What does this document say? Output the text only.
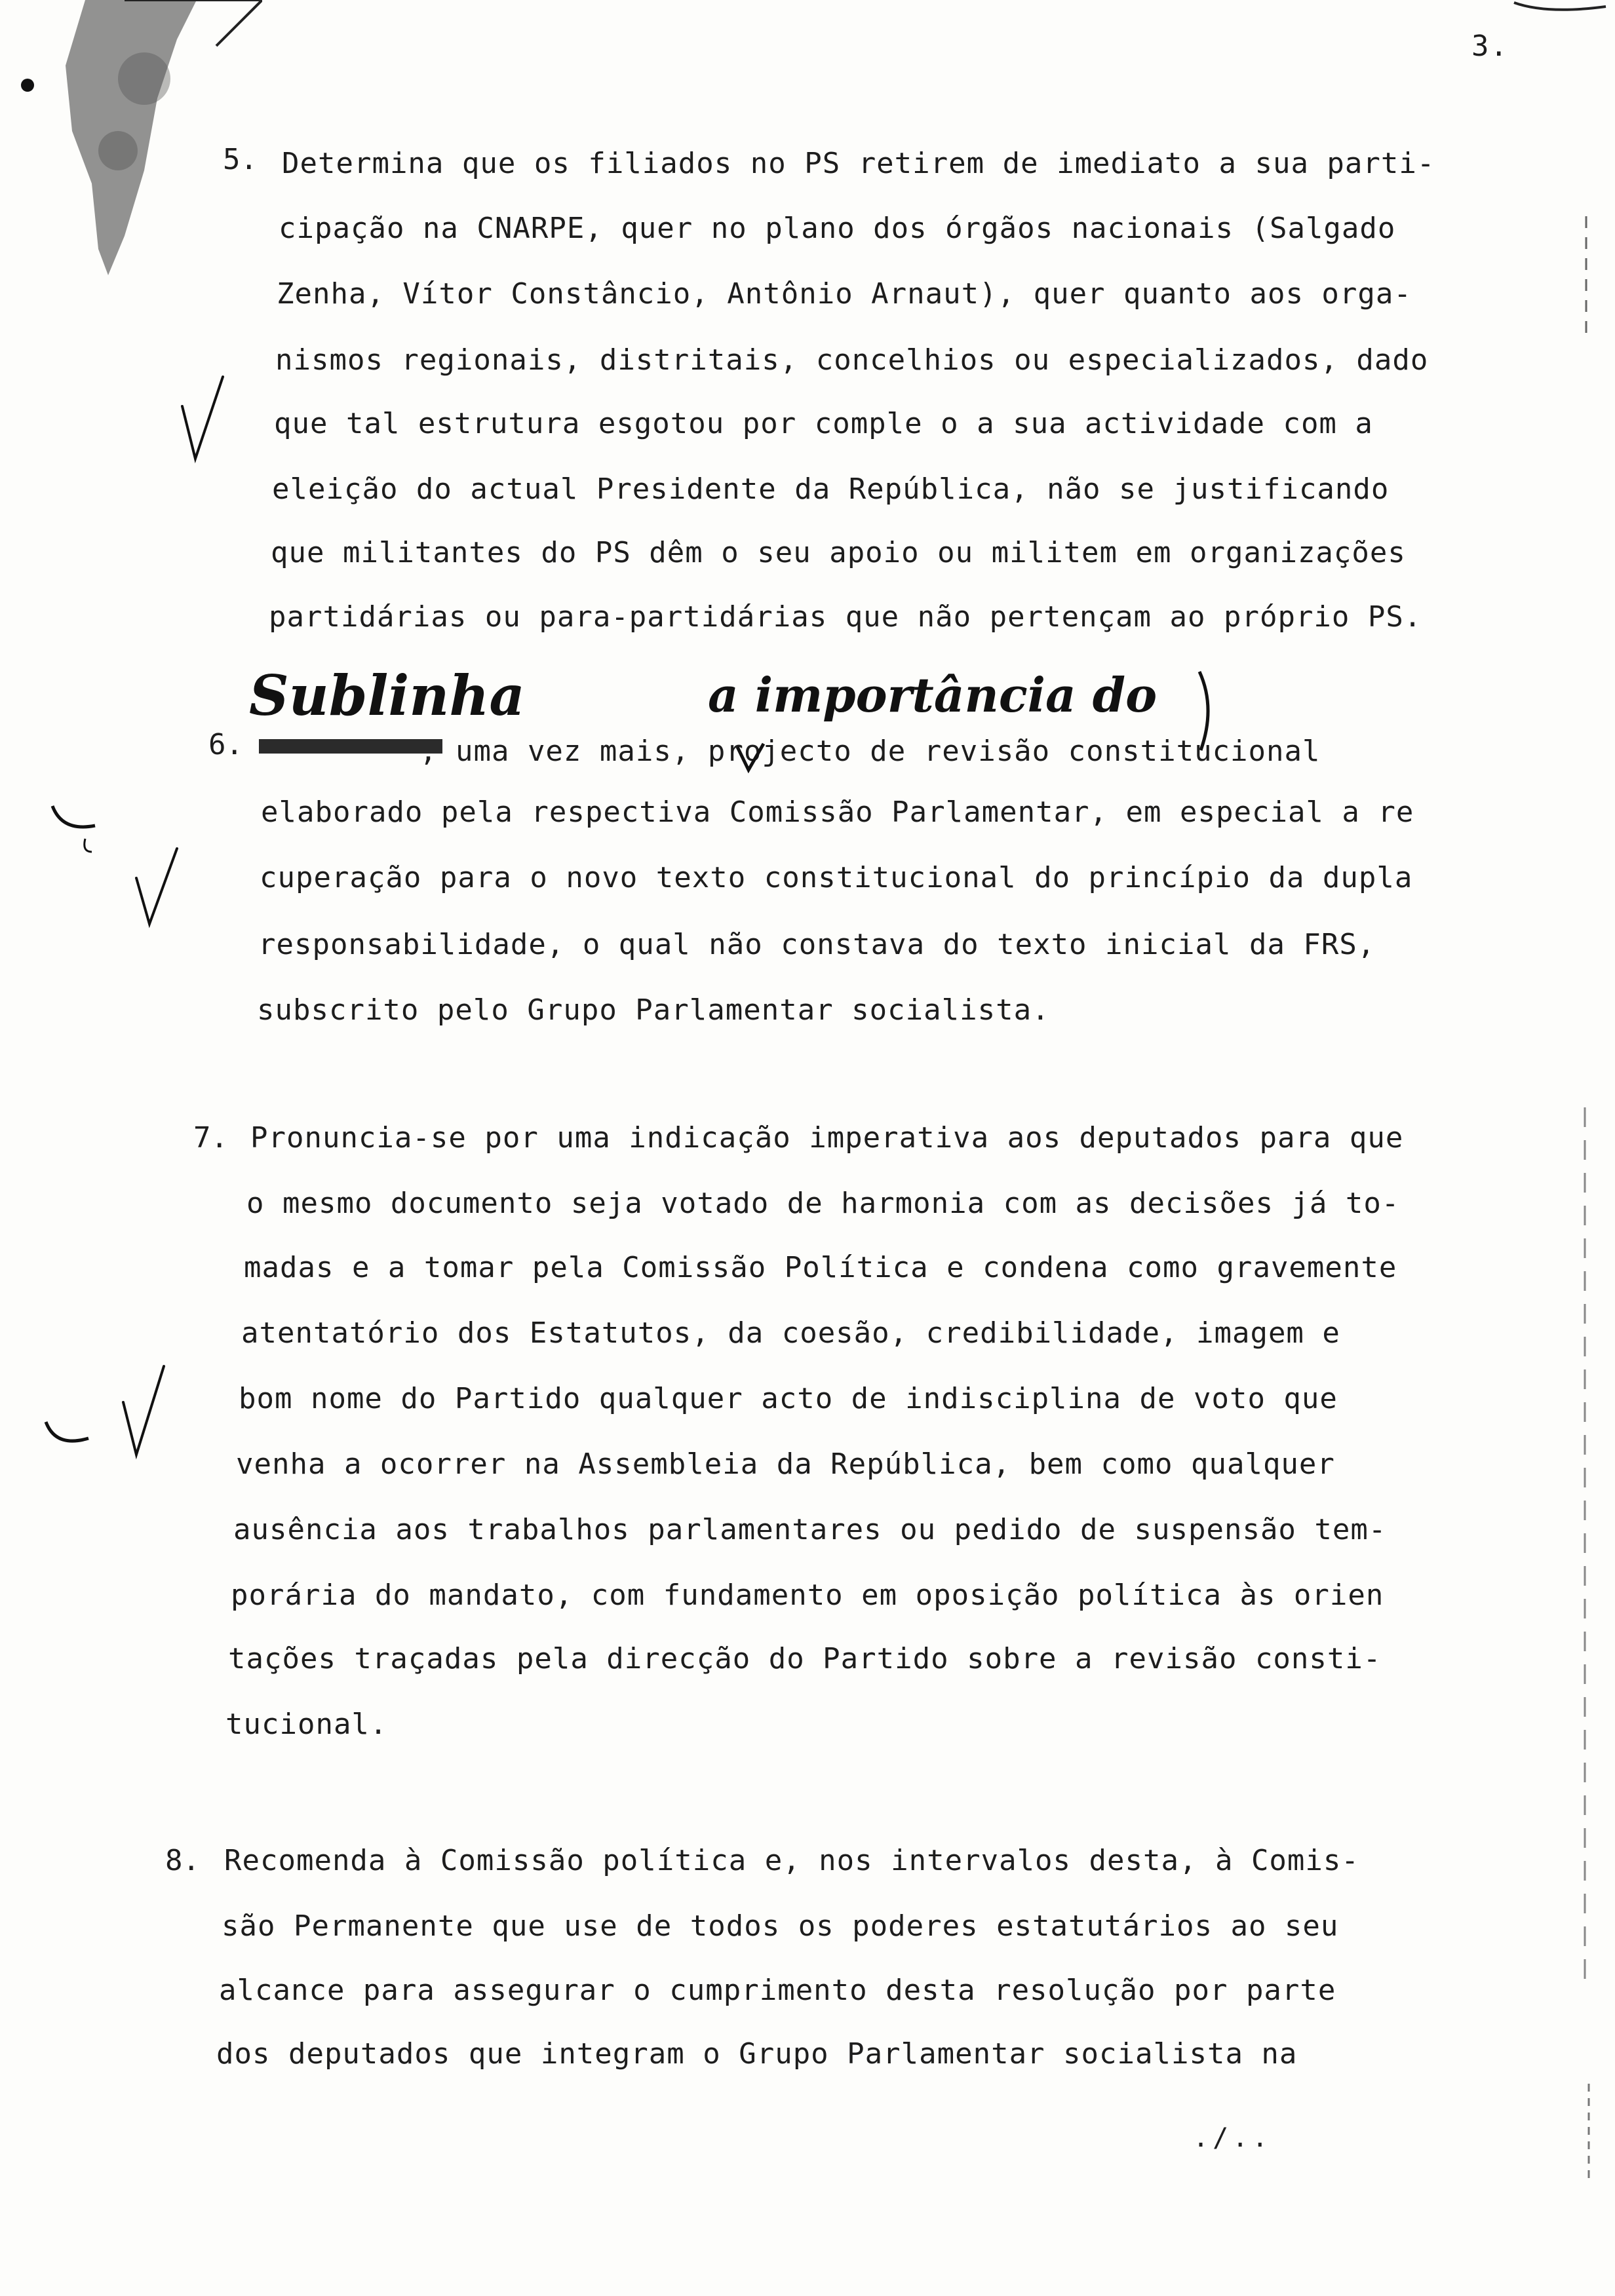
3.
5. Determina que os filiados no PS retirem de imediato a sua parti-
cipação na CNARPE, quer no plano dos órgãos nacionais (Salgado
Zenha, Vítor Constâncio, Antônio Arnaut), quer quanto aos orga-
nismos regionais, distritais, concelhios ou especializados, dado
que tal estrutura esgotou por comple o a sua actividade com a
eleição do actual Presidente da República, não se justificando
que militantes do PS dêm o seu apoio ou militem em organizações
partidárias ou para-partidárias que não pertençam ao próprio PS.
Sublinha	a importância do
6.	, uma vez mais, projecto de revisão constitucional
elaborado pela respectiva Comissão Parlamentar, em especial a re
cuperação para o novo texto constitucional do princípio da dupla
responsabilidade, o qual não constava do texto inicial da FRS,
subscrito pelo Grupo Parlamentar socialista.
7. Pronuncia-se por uma indicação imperativa aos deputados para que
o mesmo documento seja votado de harmonia com as decisões já to-
madas e a tomar pela Comissão Política e condena como gravemente
atentatório dos Estatutos, da coesão, credibilidade, imagem e
bom nome do Partido qualquer acto de indisciplina de voto que
venha a ocorrer na Assembleia da República, bem como qualquer
ausência aos trabalhos parlamentares ou pedido de suspensão tem-
porária do mandato, com fundamento em oposição política às orien
tações traçadas pela direcção do Partido sobre a revisão consti-
tucional.
8. Recomenda à Comissão política e, nos intervalos desta, à Comis-
são Permanente que use de todos os poderes estatutários ao seu
alcance para assegurar o cumprimento desta resolução por parte
dos deputados que integram o Grupo Parlamentar socialista na
./..
